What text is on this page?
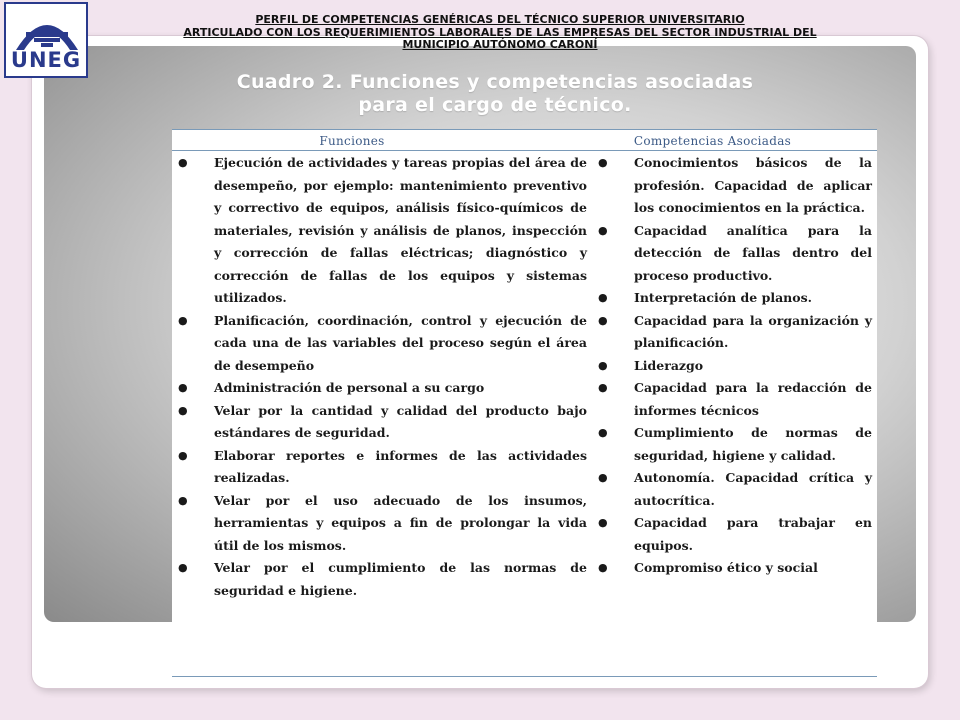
UNEG
PERFIL DE COMPETENCIAS GENÉRICAS DEL TÉCNICO SUPERIOR UNIVERSITARIO
ARTICULADO CON LOS REQUERIMIENTOS LABORALES DE LAS EMPRESAS DEL SECTOR INDUSTRIAL DEL
MUNICIPIO AUTÓNOMO CARONÍ
Cuadro 2. Funciones y competencias asociadas
para el cargo de técnico.
Funciones	Competencias Asociadas
● Ejecución de actividades y tareas propias del área de desempeño, por ejemplo: mantenimiento preventivo y correctivo de equipos, análisis físico-químicos de materiales, revisión y análisis de planos, inspección y corrección de fallas eléctricas; diagnóstico y corrección de fallas de los equipos y sistemas utilizados.
● Planificación, coordinación, control y ejecución de cada una de las variables del proceso según el área de desempeño
● Administración de personal a su cargo
● Velar por la cantidad y calidad del producto bajo estándares de seguridad.
● Elaborar reportes e informes de las actividades realizadas.
● Velar por el uso adecuado de los insumos, herramientas y equipos a fin de prolongar la vida útil de los mismos.
● Velar por el cumplimiento de las normas de seguridad e higiene.
● Conocimientos básicos de la profesión. Capacidad de aplicar los conocimientos en la práctica.
● Capacidad analítica para la detección de fallas dentro del proceso productivo.
● Interpretación de planos.
● Capacidad para la organización y planificación.
● Liderazgo
● Capacidad para la redacción de informes técnicos
● Cumplimiento de normas de seguridad, higiene y calidad.
● Autonomía. Capacidad crítica y autocrítica.
● Capacidad para trabajar en equipos.
● Compromiso ético y social
